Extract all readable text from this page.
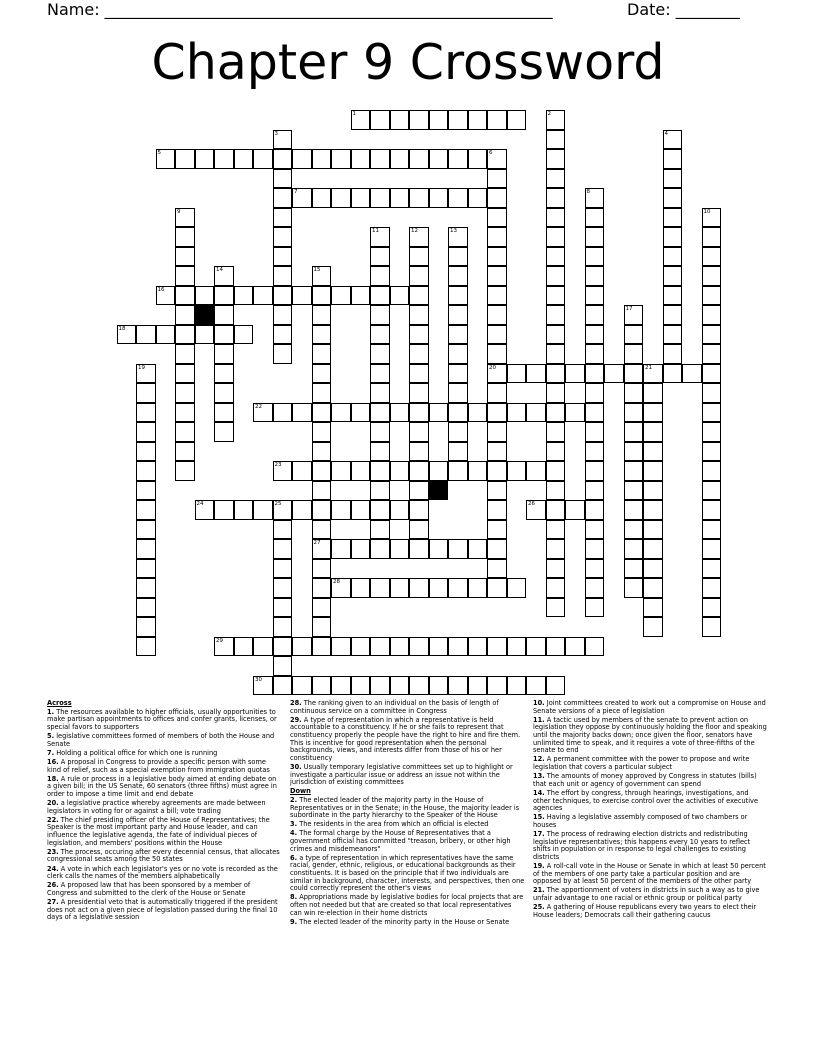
Name: ________________________________________________________	Date: ________
Chapter 9 Crossword
1	2
3	4
5	6
20
7	8
9	10
11	12	13
14	15
27
16
17
18
19	21
22
23
24	25	26
28
29
30
Across
1. The resources available to higher officials, usually opportunities to make partisan appointments to offices and confer grants, licenses, or special favors to supporters
5. legislative committees formed of members of both the House and Senate
7. Holding a political office for which one is running
16. A proposal in Congress to provide a specific person with some kind of relief, such as a special exemption from immigration quotas
18. A rule or process in a legislative body aimed at ending debate on a given bill; in the US Senate, 60 senators (three fifths) must agree in order to impose a time limit and end debate
20. a legislative practice whereby agreements are made between legislators in voting for or against a bill; vote trading
22. The chief presiding officer of the House of Representatives; the Speaker is the most important party and House leader, and can influence the legislative agenda, the fate of individual pieces of legislation, and members' positions within the House
23. The process, occuring after every decennial census, that allocates congressional seats among the 50 states
24. A vote in which each legislator's yes or no vote is recorded as the clerk calls the names of the members alphabetically
26. A proposed law that has been sponsored by a member of Congress and submitted to the clerk of the House or Senate
27. A presidential veto that is automatically triggered if the president does not act on a given piece of legislation passed during the final 10 days of a legislative session
28. The ranking given to an individual on the basis of length of continuous service on a committee in Congress
29. A type of representation in which a representative is held accountable to a constituency. If he or she fails to represent that constituency properly the people have the right to hire and fire them. This is incentive for good representation when the personal backgrounds, views, and interests differ from those of his or her constituency
30. Usually temporary legislative committees set up to highlight or investigate a particular issue or address an issue not within the jurisdiction of existing committees
Down
2. The elected leader of the majority party in the House of Representatives or in the Senate; in the House, the majority leader is subordinate in the party hierarchy to the Speaker of the House
3. The residents in the area from which an official is elected
4. The formal charge by the House of Representatives that a government official has committed "treason, bribery, or other high crimes and misdemeanors"
6. a type of representation in which representatives have the same racial, gender, ethnic, religious, or educational backgrounds as their constituents. It is based on the principle that if two individuals are similar in background, character, interests, and perspectives, then one could correctly represent the other's views
8. Appropriations made by legislative bodies for local projects that are often not needed but that are created so that local representatives can win re-election in their home districts
9. The elected leader of the minority party in the House or Senate
10. Joint committees created to work out a compromise on House and Senate versions of a piece of legislation
11. A tactic used by members of the senate to prevent action on legislation they oppose by continuously holding the floor and speaking until the majority backs down; once given the floor, senators have unlimited time to speak, and it requires a vote of three-fifths of the senate to end
12. A permanent committee with the power to propose and write legislation that covers a particular subject
13. The amounts of money approved by Congress in statutes (bills) that each unit or agency of government can spend
14. The effort by congress, through hearings, investigations, and other techniques, to exercise control over the activities of executive agencies
15. Having a legislative assembly composed of two chambers or houses
17. The process of redrawing election districts and redistributing legislative representatives; this happens every 10 years to reflect shifts in population or in response to legal challenges to existing districts
19. A roll-call vote in the House or Senate in which at least 50 percent of the members of one party take a particular position and are opposed by at least 50 percent of the members of the other party
21. The apportionment of voters in districts in such a way as to give unfair advantage to one racial or ethnic group or political party
25. A gathering of House republicans every two years to elect their House leaders; Democrats call their gathering caucus
